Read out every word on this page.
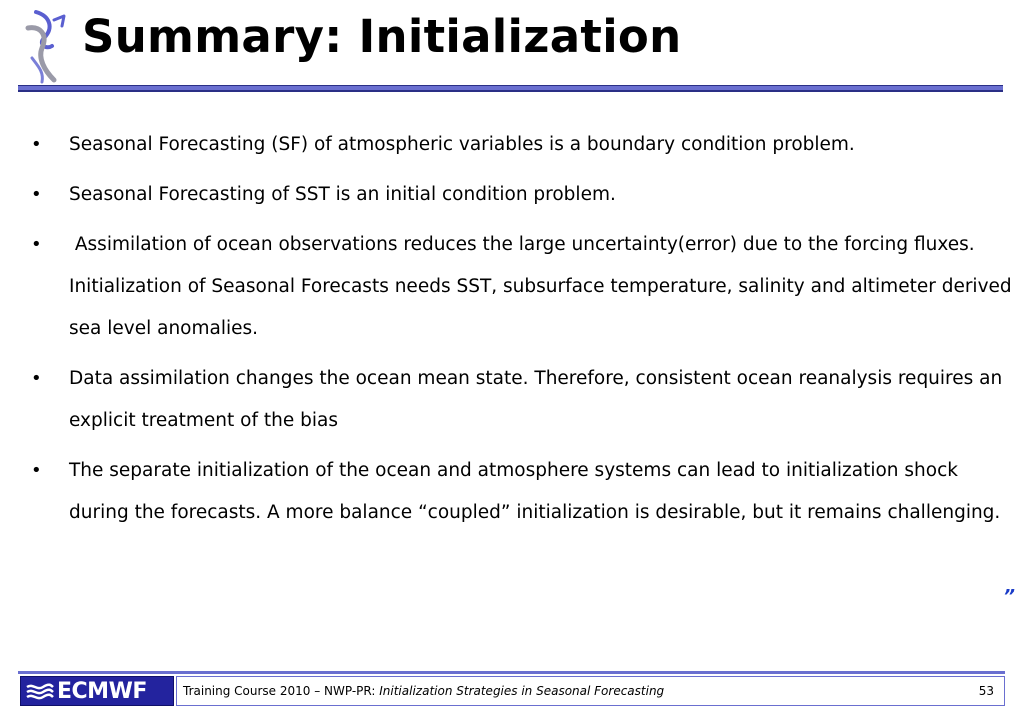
Summary: Initialization
• Seasonal Forecasting (SF) of atmospheric variables is a boundary condition problem.
• Seasonal Forecasting of SST is an initial condition problem.
• Assimilation of ocean observations reduces the large uncertainty(error) due to the forcing fluxes. Initialization of Seasonal Forecasts needs SST, subsurface temperature, salinity and altimeter derived sea level anomalies.
• Data assimilation changes the ocean mean state. Therefore, consistent ocean reanalysis requires an explicit treatment of the bias
• The separate initialization of the ocean and atmosphere systems can lead to initialization shock during the forecasts. A more balance “coupled” initialization is desirable, but it remains challenging.
”
ECMWF	Training Course 2010 – NWP-PR: Initialization Strategies in Seasonal Forecasting	53
